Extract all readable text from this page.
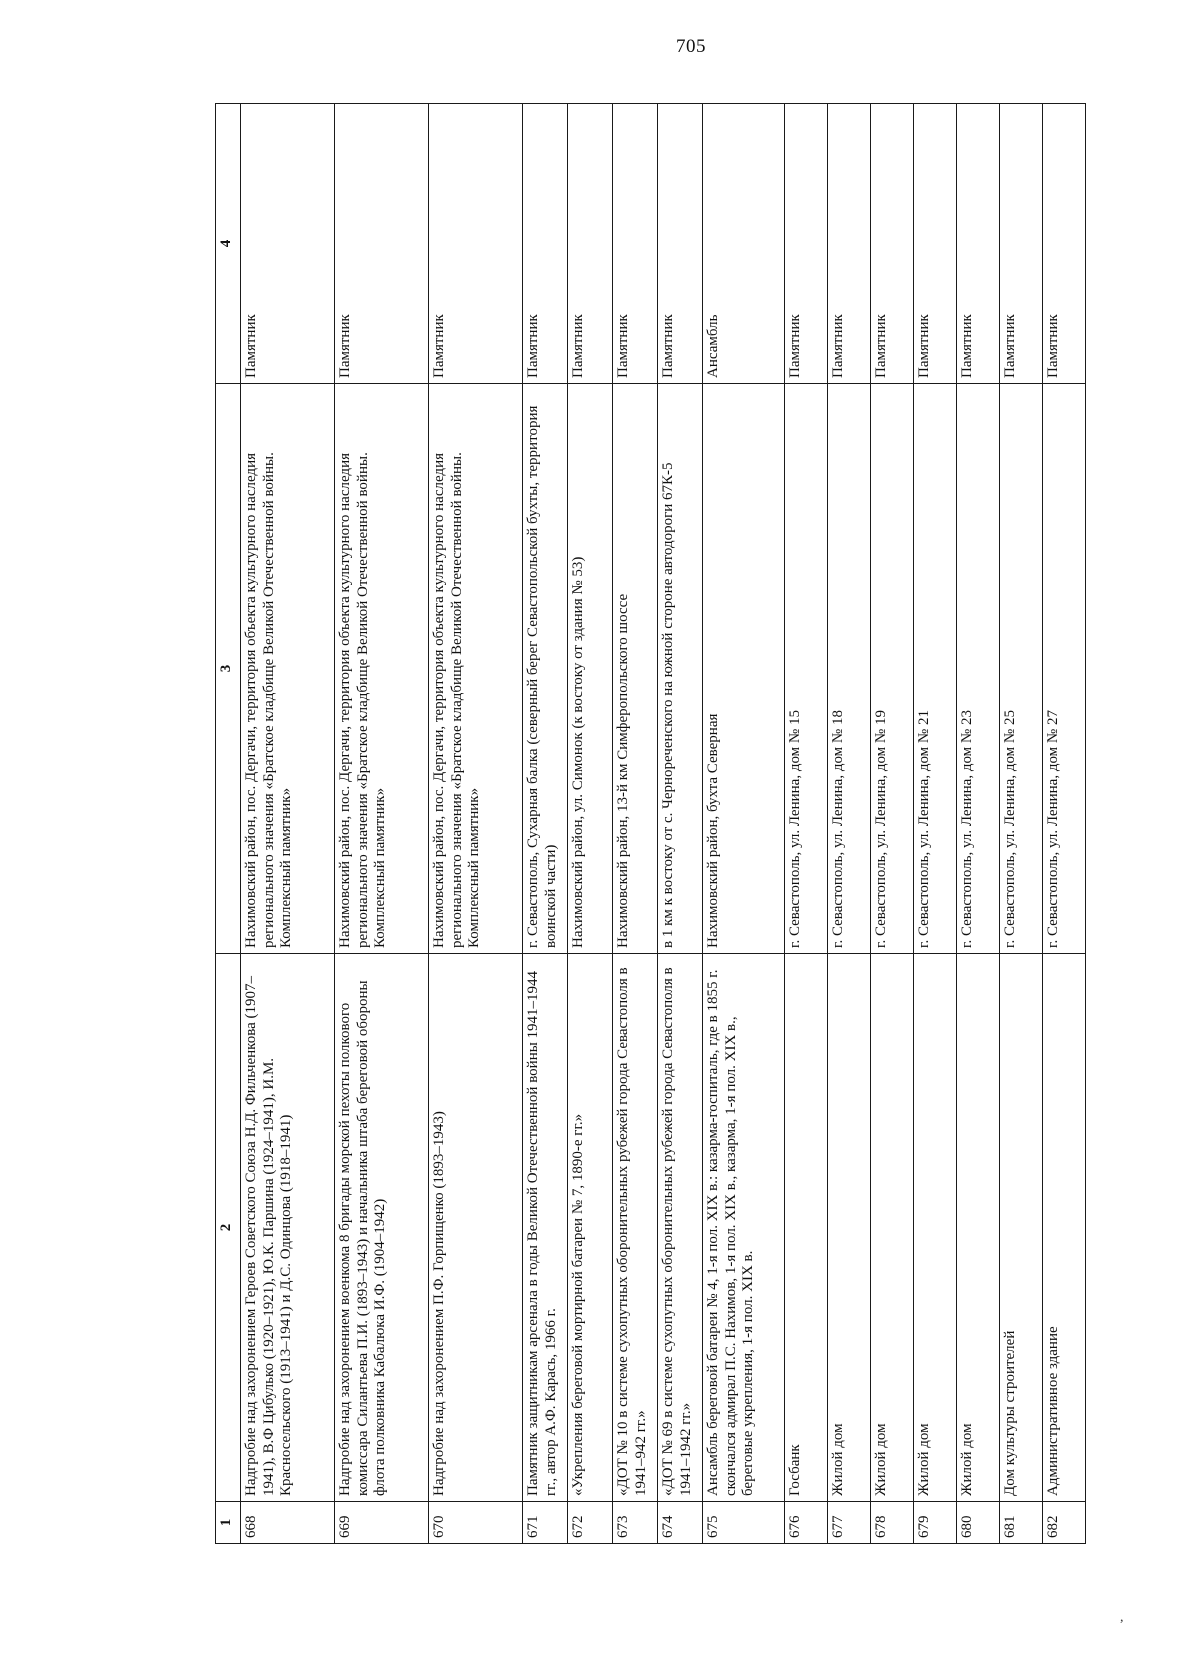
705
1	2	3	4
668	Надгробие над захоронением Героев Советского Союза Н.Д. Фильченкова (1907–1941), В.Ф Цибулько (1920–1921), Ю.К. Паршина (1924–1941), И.М. Красносельского (1913–1941) и Д.С. Одинцова (1918–1941)	Нахимовский район, пос. Дергачи, территория объекта культурного наследия регионального значения «Братское кладбище Великой Отечественной войны. Комплексный памятник»	Памятник
669	Надгробие над захоронением военкома 8 бригады морской пехоты полкового комиссара Силантьева П.И. (1893–1943) и начальника штаба береговой обороны флота полковника Кабалюка И.Ф. (1904–1942)	Нахимовский район, пос. Дергачи, территория объекта культурного наследия регионального значения «Братское кладбище Великой Отечественной войны. Комплексный памятник»	Памятник
670	Надгробие над захоронением П.Ф. Горпищенко (1893–1943)	Нахимовский район, пос. Дергачи, территория объекта культурного наследия регионального значения «Братское кладбище Великой Отечественной войны. Комплексный памятник»	Памятник
671	Памятник защитникам арсенала в годы Великой Отечественной войны 1941–1944 гг., автор А.Ф. Карась, 1966 г.	г. Севастополь, Сухарная балка (северный берег Севастопольской бухты, территория воинской части)	Памятник
672	«Укрепления береговой мортирной батареи № 7, 1890-е гг.»	Нахимовский район, ул. Симонок (к востоку от здания № 53)	Памятник
673	«ДОТ № 10 в системе сухопутных оборонительных рубежей города Севастополя в 1941–942 гг.»	Нахимовский район, 13-й км Симферопольского шоссе	Памятник
674	«ДОТ № 69 в системе сухопутных оборонительных рубежей города Севастополя в 1941–1942 гг.»	в 1 км к востоку от с. Чернореченского на южной стороне автодороги 67К-5	Памятник
675	Ансамбль береговой батареи № 4, 1-я пол. XIX в.: казарма-госпиталь, где в 1855 г. скончался адмирал П.С. Нахимов, 1-я пол. XIX в., казарма, 1-я пол. XIX в., береговые укрепления, 1-я пол. XIX в.	Нахимовский район, бухта Северная	Ансамбль
676	Госбанк	г. Севастополь, ул. Ленина, дом № 15	Памятник
677	Жилой дом	г. Севастополь, ул. Ленина, дом № 18	Памятник
678	Жилой дом	г. Севастополь, ул. Ленина, дом № 19	Памятник
679	Жилой дом	г. Севастополь, ул. Ленина, дом № 21	Памятник
680	Жилой дом	г. Севастополь, ул. Ленина, дом № 23	Памятник
681	Дом культуры строителей	г. Севастополь, ул. Ленина, дом № 25	Памятник
682	Административное здание	г. Севастополь, ул. Ленина, дом № 27	Памятник
,
